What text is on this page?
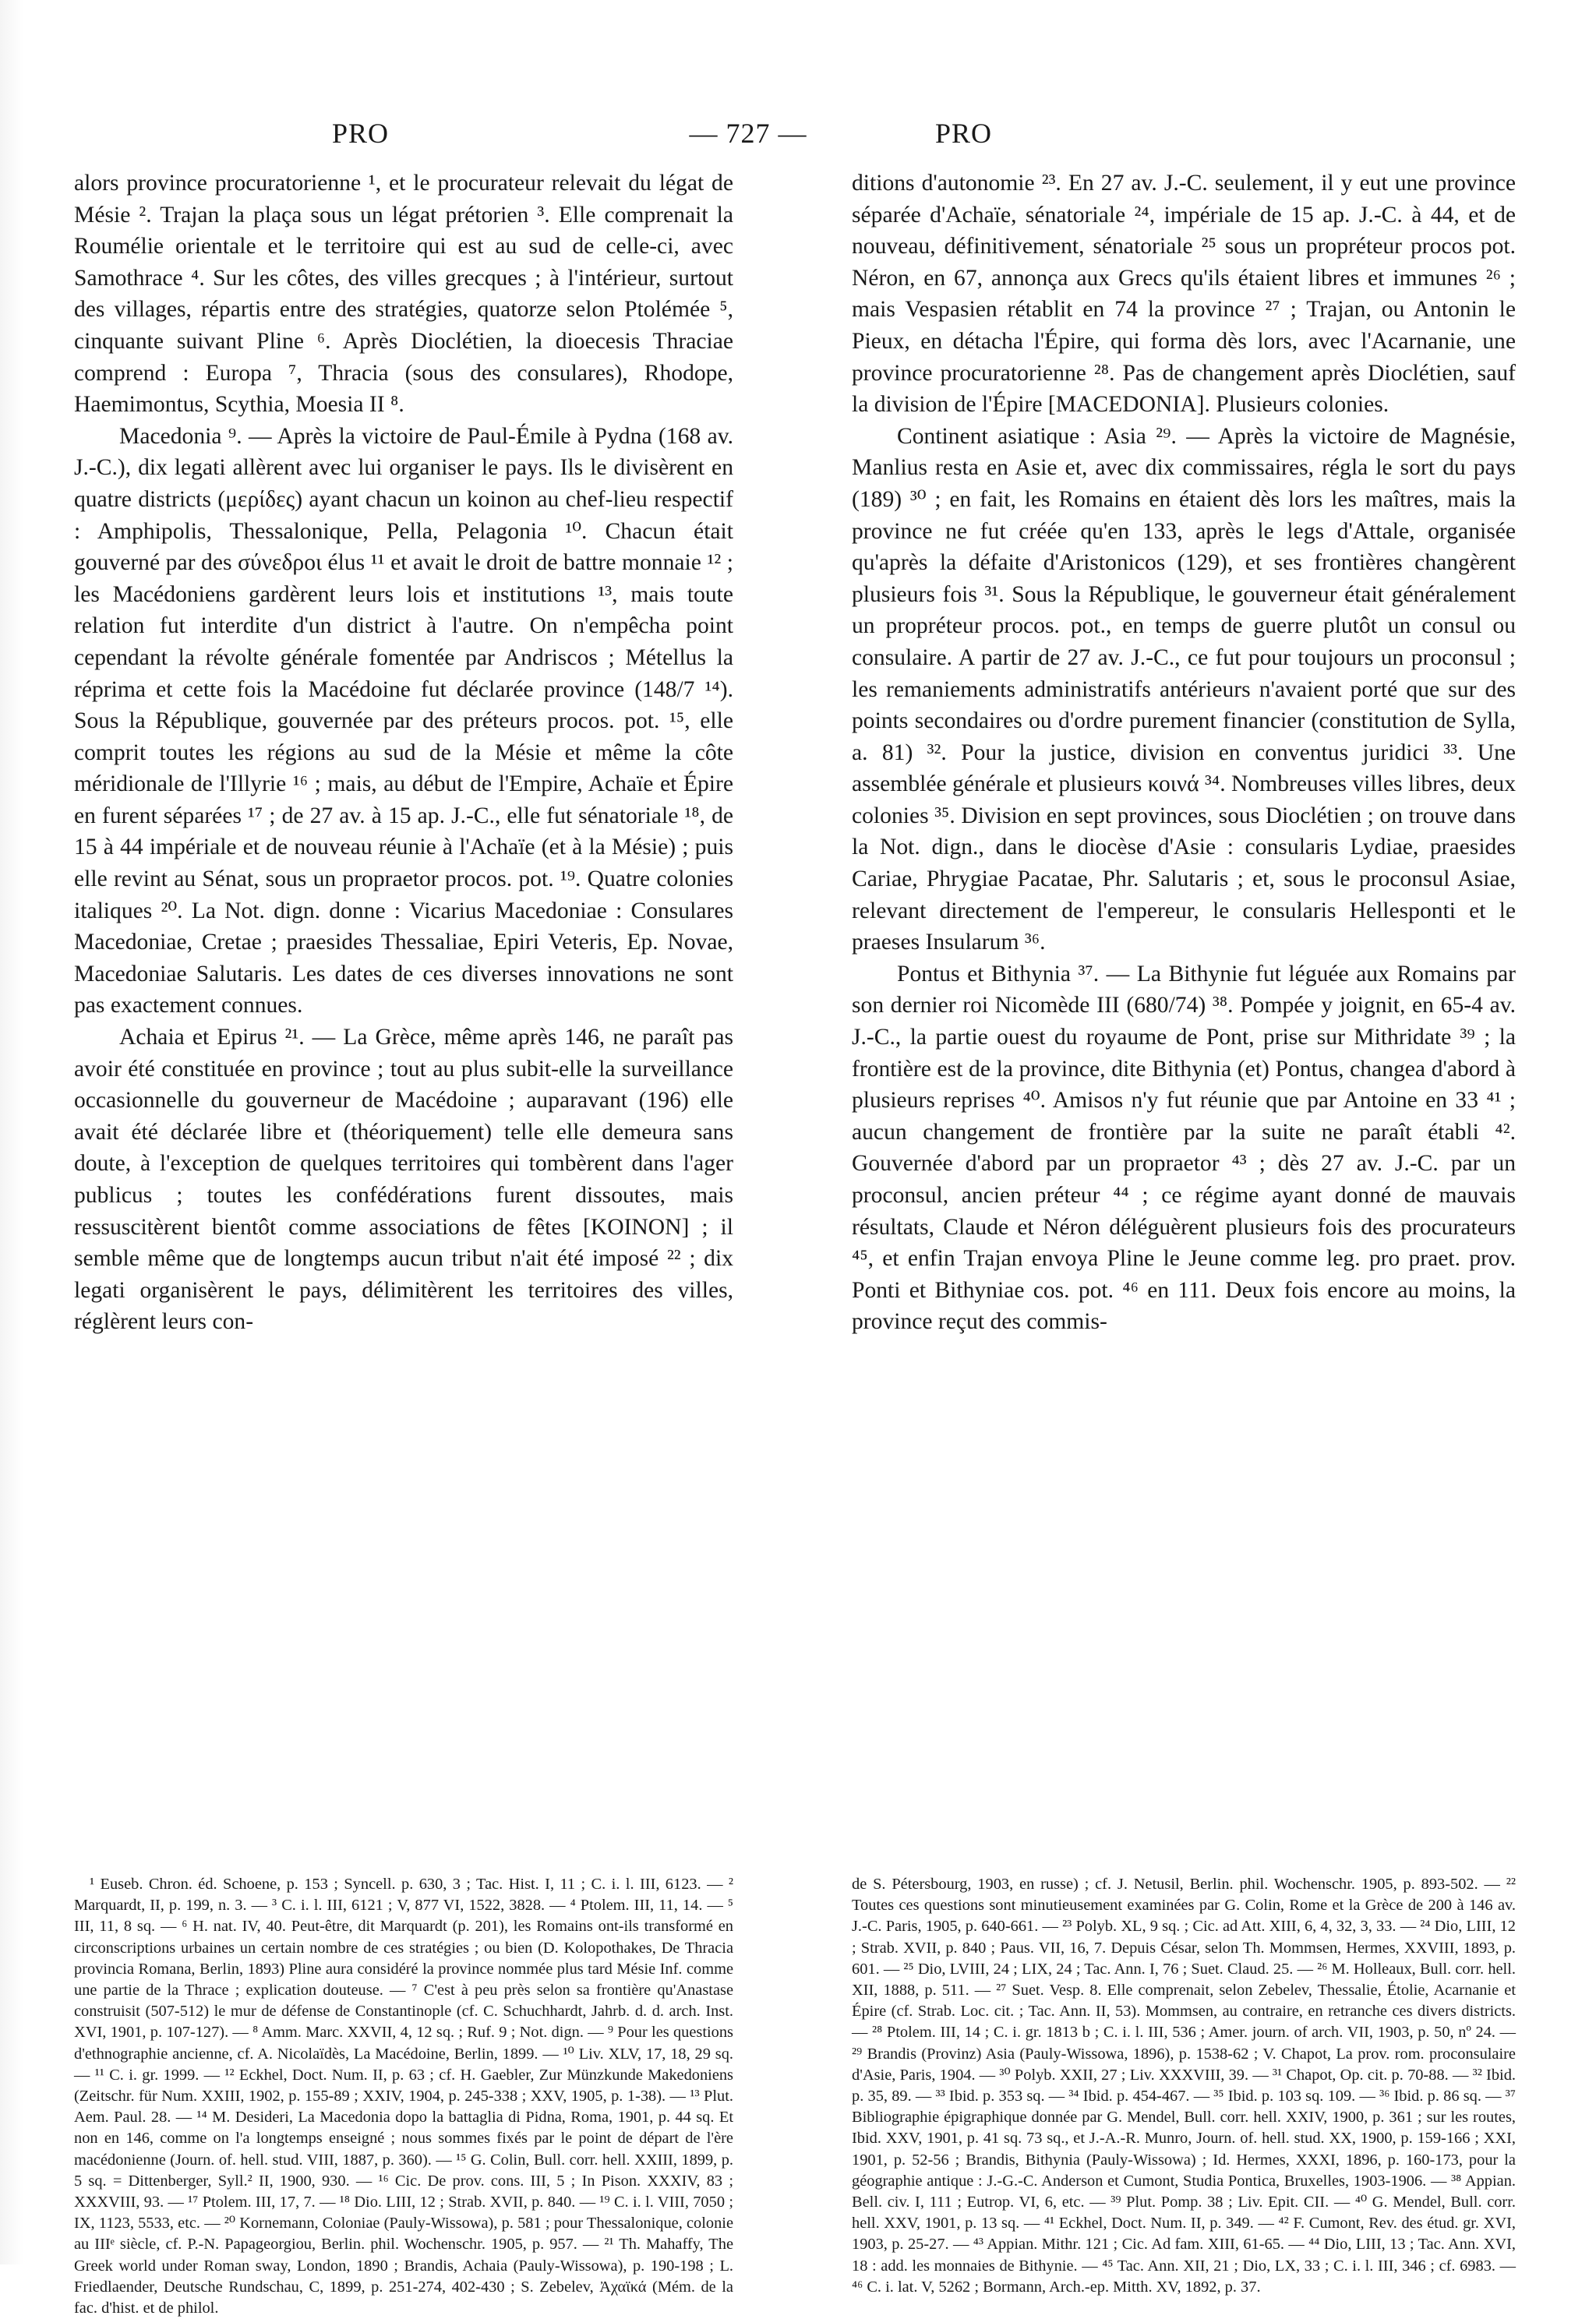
PRO	— 727 —	PRO

alors province procuratorienne ¹, et le procurateur relevait du légat de Mésie ². Trajan la plaça sous un légat prétorien ³. Elle comprenait la Roumélie orientale et le territoire qui est au sud de celle-ci, avec Samothrace ⁴. Sur les côtes, des villes grecques ; à l'intérieur, surtout des villages, répartis entre des stratégies, quatorze selon Ptolémée ⁵, cinquante suivant Pline ⁶. Après Dioclétien, la dioecesis Thraciae comprend : Europa ⁷, Thracia (sous des consulares), Rhodope, Haemimontus, Scythia, Moesia II ⁸.

Macedonia ⁹. — Après la victoire de Paul-Émile à Pydna (168 av. J.-C.), dix legati allèrent avec lui organiser le pays. Ils le divisèrent en quatre districts (μερίδες) ayant chacun un koinon au chef-lieu respectif : Amphipolis, Thessalonique, Pella, Pelagonia ¹⁰. Chacun était gouverné par des σύνεδροι élus ¹¹ et avait le droit de battre monnaie ¹² ; les Macédoniens gardèrent leurs lois et institutions ¹³, mais toute relation fut interdite d'un district à l'autre. On n'empêcha point cependant la révolte générale fomentée par Andriscos ; Métellus la réprima et cette fois la Macédoine fut déclarée province (148/7 ¹⁴). Sous la République, gouvernée par des préteurs procos. pot. ¹⁵, elle comprit toutes les régions au sud de la Mésie et même la côte méridionale de l'Illyrie ¹⁶ ; mais, au début de l'Empire, Achaïe et Épire en furent séparées ¹⁷ ; de 27 av. à 15 ap. J.-C., elle fut sénatoriale ¹⁸, de 15 à 44 impériale et de nouveau réunie à l'Achaïe (et à la Mésie) ; puis elle revint au Sénat, sous un propraetor procos. pot. ¹⁹. Quatre colonies italiques ²⁰. La Not. dign. donne : Vicarius Macedoniae : Consulares Macedoniae, Cretae ; praesides Thessaliae, Epiri Veteris, Ep. Novae, Macedoniae Salutaris. Les dates de ces diverses innovations ne sont pas exactement connues.

Achaia et Epirus ²¹. — La Grèce, même après 146, ne paraît pas avoir été constituée en province ; tout au plus subit-elle la surveillance occasionnelle du gouverneur de Macédoine ; auparavant (196) elle avait été déclarée libre et (théoriquement) telle elle demeura sans doute, à l'exception de quelques territoires qui tombèrent dans l'ager publicus ; toutes les confédérations furent dissoutes, mais ressuscitèrent bientôt comme associations de fêtes [KOINON] ; il semble même que de longtemps aucun tribut n'ait été imposé ²² ; dix legati organisèrent le pays, délimitèrent les territoires des villes, réglèrent leurs con-

ditions d'autonomie ²³. En 27 av. J.-C. seulement, il y eut une province séparée d'Achaïe, sénatoriale ²⁴, impériale de 15 ap. J.-C. à 44, et de nouveau, définitivement, sénatoriale ²⁵ sous un propréteur procos pot. Néron, en 67, annonça aux Grecs qu'ils étaient libres et immunes ²⁶ ; mais Vespasien rétablit en 74 la province ²⁷ ; Trajan, ou Antonin le Pieux, en détacha l'Épire, qui forma dès lors, avec l'Acarnanie, une province procuratorienne ²⁸. Pas de changement après Dioclétien, sauf la division de l'Épire [MACEDONIA]. Plusieurs colonies.

Continent asiatique : Asia ²⁹. — Après la victoire de Magnésie, Manlius resta en Asie et, avec dix commissaires, régla le sort du pays (189) ³⁰ ; en fait, les Romains en étaient dès lors les maîtres, mais la province ne fut créée qu'en 133, après le legs d'Attale, organisée qu'après la défaite d'Aristonicos (129), et ses frontières changèrent plusieurs fois ³¹. Sous la République, le gouverneur était généralement un propréteur procos. pot., en temps de guerre plutôt un consul ou consulaire. A partir de 27 av. J.-C., ce fut pour toujours un proconsul ; les remaniements administratifs antérieurs n'avaient porté que sur des points secondaires ou d'ordre purement financier (constitution de Sylla, a. 81) ³². Pour la justice, division en conventus juridici ³³. Une assemblée générale et plusieurs κοινά ³⁴. Nombreuses villes libres, deux colonies ³⁵. Division en sept provinces, sous Dioclétien ; on trouve dans la Not. dign., dans le diocèse d'Asie : consularis Lydiae, praesides Cariae, Phrygiae Pacatae, Phr. Salutaris ; et, sous le proconsul Asiae, relevant directement de l'empereur, le consularis Hellesponti et le praeses Insularum ³⁶.

Pontus et Bithynia ³⁷. — La Bithynie fut léguée aux Romains par son dernier roi Nicomède III (680/74) ³⁸. Pompée y joignit, en 65-4 av. J.-C., la partie ouest du royaume de Pont, prise sur Mithridate ³⁹ ; la frontière est de la province, dite Bithynia (et) Pontus, changea d'abord à plusieurs reprises ⁴⁰. Amisos n'y fut réunie que par Antoine en 33 ⁴¹ ; aucun changement de frontière par la suite ne paraît établi ⁴². Gouvernée d'abord par un propraetor ⁴³ ; dès 27 av. J.-C. par un proconsul, ancien préteur ⁴⁴ ; ce régime ayant donné de mauvais résultats, Claude et Néron déléguèrent plusieurs fois des procurateurs ⁴⁵, et enfin Trajan envoya Pline le Jeune comme leg. pro praet. prov. Ponti et Bithyniae cos. pot. ⁴⁶ en 111. Deux fois encore au moins, la province reçut des commis-

¹ Euseb. Chron. éd. Schoene, p. 153 ; Syncell. p. 630, 3 ; Tac. Hist. I, 11 ; C. i. l. III, 6123. — ² Marquardt, II, p. 199, n. 3. — ³ C. i. l. III, 6121 ; V, 877 VI, 1522, 3828. — ⁴ Ptolem. III, 11, 14. — ⁵ III, 11, 8 sq. — ⁶ H. nat. IV, 40. Peut-être, dit Marquardt (p. 201), les Romains ont-ils transformé en circonscriptions urbaines un certain nombre de ces stratégies ; ou bien (D. Kolopothakes, De Thracia provincia Romana, Berlin, 1893) Pline aura considéré la province nommée plus tard Mésie Inf. comme une partie de la Thrace ; explication douteuse. — ⁷ C'est à peu près selon sa frontière qu'Anastase construisit (507-512) le mur de défense de Constantinople (cf. C. Schuchhardt, Jahrb. d. d. arch. Inst. XVI, 1901, p. 107-127). — ⁸ Amm. Marc. XXVII, 4, 12 sq. ; Ruf. 9 ; Not. dign. — ⁹ Pour les questions d'ethnographie ancienne, cf. A. Nicolaïdès, La Macédoine, Berlin, 1899. — ¹⁰ Liv. XLV, 17, 18, 29 sq. — ¹¹ C. i. gr. 1999. — ¹² Eckhel, Doct. Num. II, p. 63 ; cf. H. Gaebler, Zur Münzkunde Makedoniens (Zeitschr. für Num. XXIII, 1902, p. 155-89 ; XXIV, 1904, p. 245-338 ; XXV, 1905, p. 1-38). — ¹³ Plut. Aem. Paul. 28. — ¹⁴ M. Desideri, La Macedonia dopo la battaglia di Pidna, Roma, 1901, p. 44 sq. Et non en 146, comme on l'a longtemps enseigné ; nous sommes fixés par le point de départ de l'ère macédonienne (Journ. of. hell. stud. VIII, 1887, p. 360). — ¹⁵ G. Colin, Bull. corr. hell. XXIII, 1899, p. 5 sq. = Dittenberger, Syll.² II, 1900, 930. — ¹⁶ Cic. De prov. cons. III, 5 ; In Pison. XXXIV, 83 ; XXXVIII, 93. — ¹⁷ Ptolem. III, 17, 7. — ¹⁸ Dio. LIII, 12 ; Strab. XVII, p. 840. — ¹⁹ C. i. l. VIII, 7050 ; IX, 1123, 5533, etc. — ²⁰ Kornemann, Coloniae (Pauly-Wissowa), p. 581 ; pour Thessalonique, colonie au IIIᵉ siècle, cf. P.-N. Papageorgiou, Berlin. phil. Wochenschr. 1905, p. 957. — ²¹ Th. Mahaffy, The Greek world under Roman sway, London, 1890 ; Brandis, Achaia (Pauly-Wissowa), p. 190-198 ; L. Friedlaender, Deutsche Rundschau, C, 1899, p. 251-274, 402-430 ; S. Zebelev, Ἀχαϊκά (Mém. de la fac. d'hist. et de philol.

de S. Pétersbourg, 1903, en russe) ; cf. J. Netusil, Berlin. phil. Wochenschr. 1905, p. 893-502. — ²² Toutes ces questions sont minutieusement examinées par G. Colin, Rome et la Grèce de 200 à 146 av. J.-C. Paris, 1905, p. 640-661. — ²³ Polyb. XL, 9 sq. ; Cic. ad Att. XIII, 6, 4, 32, 3, 33. — ²⁴ Dio, LIII, 12 ; Strab. XVII, p. 840 ; Paus. VII, 16, 7. Depuis César, selon Th. Mommsen, Hermes, XXVIII, 1893, p. 601. — ²⁵ Dio, LVIII, 24 ; LIX, 24 ; Tac. Ann. I, 76 ; Suet. Claud. 25. — ²⁶ M. Holleaux, Bull. corr. hell. XII, 1888, p. 511. — ²⁷ Suet. Vesp. 8. Elle comprenait, selon Zebelev, Thessalie, Étolie, Acarnanie et Épire (cf. Strab. Loc. cit. ; Tac. Ann. II, 53). Mommsen, au contraire, en retranche ces divers districts. — ²⁸ Ptolem. III, 14 ; C. i. gr. 1813 b ; C. i. l. III, 536 ; Amer. journ. of arch. VII, 1903, p. 50, nº 24. — ²⁹ Brandis (Provinz) Asia (Pauly-Wissowa, 1896), p. 1538-62 ; V. Chapot, La prov. rom. proconsulaire d'Asie, Paris, 1904. — ³⁰ Polyb. XXII, 27 ; Liv. XXXVIII, 39. — ³¹ Chapot, Op. cit. p. 70-88. — ³² Ibid. p. 35, 89. — ³³ Ibid. p. 353 sq. — ³⁴ Ibid. p. 454-467. — ³⁵ Ibid. p. 103 sq. 109. — ³⁶ Ibid. p. 86 sq. — ³⁷ Bibliographie épigraphique donnée par G. Mendel, Bull. corr. hell. XXIV, 1900, p. 361 ; sur les routes, Ibid. XXV, 1901, p. 41 sq. 73 sq., et J.-A.-R. Munro, Journ. of. hell. stud. XX, 1900, p. 159-166 ; XXI, 1901, p. 52-56 ; Brandis, Bithynia (Pauly-Wissowa) ; Id. Hermes, XXXI, 1896, p. 160-173, pour la géographie antique : J.-G.-C. Anderson et Cumont, Studia Pontica, Bruxelles, 1903-1906. — ³⁸ Appian. Bell. civ. I, 111 ; Eutrop. VI, 6, etc. — ³⁹ Plut. Pomp. 38 ; Liv. Epit. CII. — ⁴⁰ G. Mendel, Bull. corr. hell. XXV, 1901, p. 13 sq. — ⁴¹ Eckhel, Doct. Num. II, p. 349. — ⁴² F. Cumont, Rev. des étud. gr. XVI, 1903, p. 25-27. — ⁴³ Appian. Mithr. 121 ; Cic. Ad fam. XIII, 61-65. — ⁴⁴ Dio, LIII, 13 ; Tac. Ann. XVI, 18 : add. les monnaies de Bithynie. — ⁴⁵ Tac. Ann. XII, 21 ; Dio, LX, 33 ; C. i. l. III, 346 ; cf. 6983. — ⁴⁶ C. i. lat. V, 5262 ; Bormann, Arch.-ep. Mitth. XV, 1892, p. 37.
